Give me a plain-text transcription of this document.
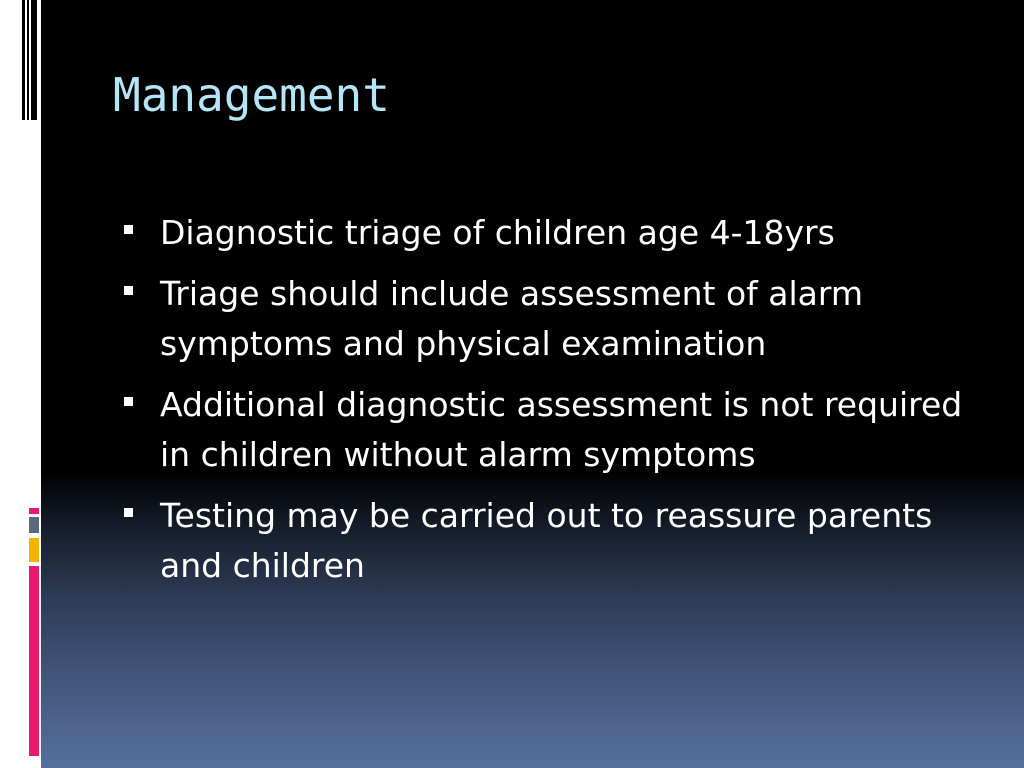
Management
Diagnostic triage of children age 4-18yrs
Triage should include assessment of alarm symptoms and physical examination
Additional diagnostic assessment is not required in children without alarm symptoms
Testing may be carried out to reassure parents and children
